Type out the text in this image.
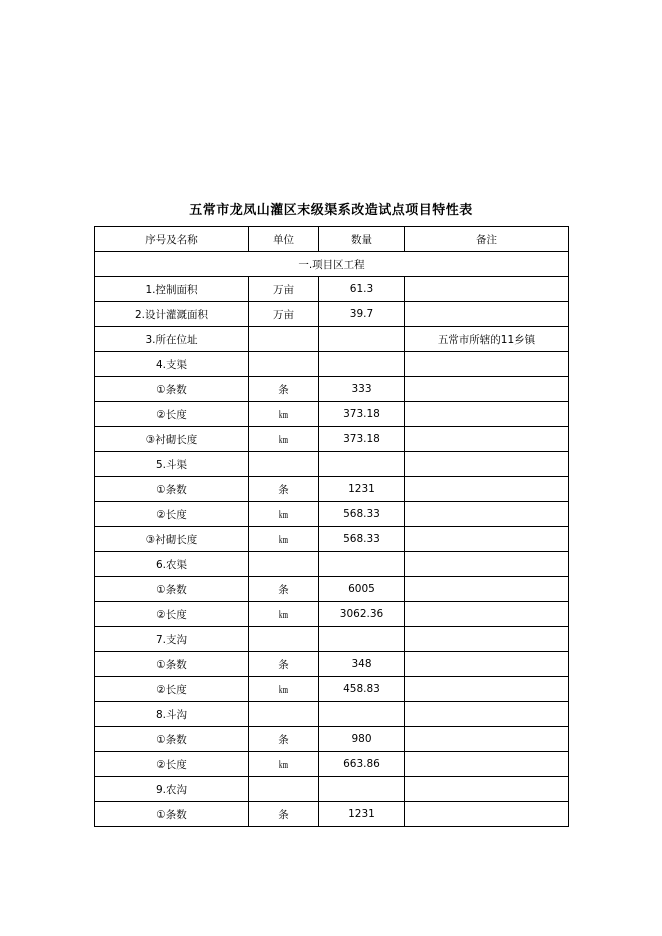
五常市龙凤山灌区末级渠系改造试点项目特性表
序号及名称	单位	数量	备注
一.项目区工程			
1.控制面积	万亩	61.3	
2.设计灌溉面积	万亩	39.7	
3.所在位址			五常市所辖的11乡镇
4.支渠			
①条数	条	333	
②长度	㎞	373.18	
③衬砌长度	㎞	373.18	
5.斗渠			
①条数	条	1231	
②长度	㎞	568.33	
③衬砌长度	㎞	568.33	
6.农渠			
①条数	条	6005	
②长度	㎞	3062.36	
7.支沟			
①条数	条	348	
②长度	㎞	458.83	
8.斗沟			
①条数	条	980	
②长度	㎞	663.86	
9.农沟			
①条数	条	1231	
